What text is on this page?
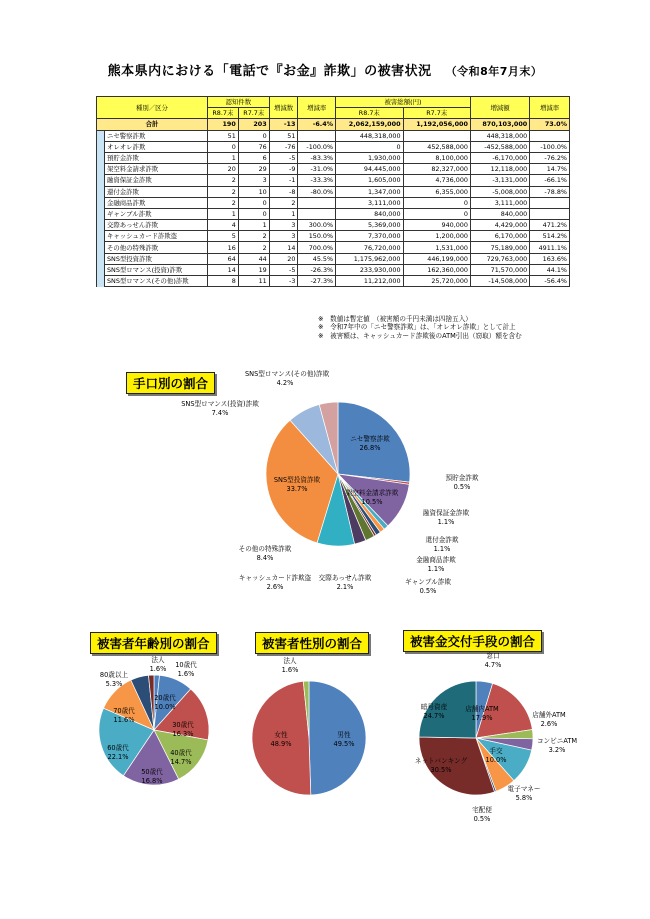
熊本県内における「電話で『お金』詐欺」の被害状況 （令和8年7月末）
種別／区分		認知件数		増減数	増減率	被害総額(円)		増減額	増減率
		R8.7末	R7.7末			R8.7末	R7.7末		
合計		190	203	-13	-6.4%	2,062,159,000	1,192,056,000	870,103,000	73.0%
	ニセ警察詐欺	51	0	51		448,318,000		448,318,000	
	オレオレ詐欺	0	76	-76	-100.0%	0	452,588,000	-452,588,000	-100.0%
	預貯金詐欺	1	6	-5	-83.3%	1,930,000	8,100,000	-6,170,000	-76.2%
	架空料金請求詐欺	20	29	-9	-31.0%	94,445,000	82,327,000	12,118,000	14.7%
	融資保証金詐欺	2	3	-1	-33.3%	1,605,000	4,736,000	-3,131,000	-66.1%
	還付金詐欺	2	10	-8	-80.0%	1,347,000	6,355,000	-5,008,000	-78.8%
	金融商品詐欺	2	0	2		3,111,000	0	3,111,000	
	ギャンブル詐欺	1	0	1		840,000	0	840,000	
	交際あっせん詐欺	4	1	3	300.0%	5,369,000	940,000	4,429,000	471.2%
	キャッシュカード詐欺盗	5	2	3	150.0%	7,370,000	1,200,000	6,170,000	514.2%
	その他の特殊詐欺	16	2	14	700.0%	76,720,000	1,531,000	75,189,000	4911.1%
	SNS型投資詐欺	64	44	20	45.5%	1,175,962,000	446,199,000	729,763,000	163.6%
	SNS型ロマンス(投資)詐欺	14	19	-5	-26.3%	233,930,000	162,360,000	71,570,000	44.1%
	SNS型ロマンス(その他)詐欺	8	11	-3	-27.3%	11,212,000	25,720,000	-14,508,000	-56.4%
※　数値は暫定値　（被害額の千円未満は四捨五入）
※　令和7年中の「ニセ警察詐欺」は、「オレオレ詐欺」として計上
※　被害額は、キャッシュカード詐欺後のATM引出（窃取）額を含む
手口別の割合
被害者年齢別の割合	被害者性別の割合	被害金交付手段の割合
ニセ警察詐欺
26.8%
預貯金詐欺
0.5%
架空料金請求詐欺
10.5%
融資保証金詐欺
1.1%
還付金詐欺
1.1%
金融商品詐欺
1.1%
ギャンブル詐欺
0.5%
交際あっせん詐欺
2.1%
キャッシュカード詐欺盗
2.6%
その他の特殊詐欺
8.4%
SNS型投資詐欺
33.7%
SNS型ロマンス(投資)詐欺
7.4%
SNS型ロマンス(その他)詐欺
4.2%
10歳代
1.6%
20歳代
10.0%
30歳代
16.3%
40歳代
14.7%
50歳代
16.8%
60歳代
22.1%
70歳代
11.6%
80歳以上
5.3%
法人
1.6%
男性
49.5%
女性
48.9%
法人
1.6%
窓口
4.7%
店舗内ATM
17.9%	店舗外ATM
2.6%
コンビニATM
3.2%
手交
10.0%
電子マネー
5.8%
宅配便
0.5%
ネットバンキング
30.5%
暗号資産
24.7%
